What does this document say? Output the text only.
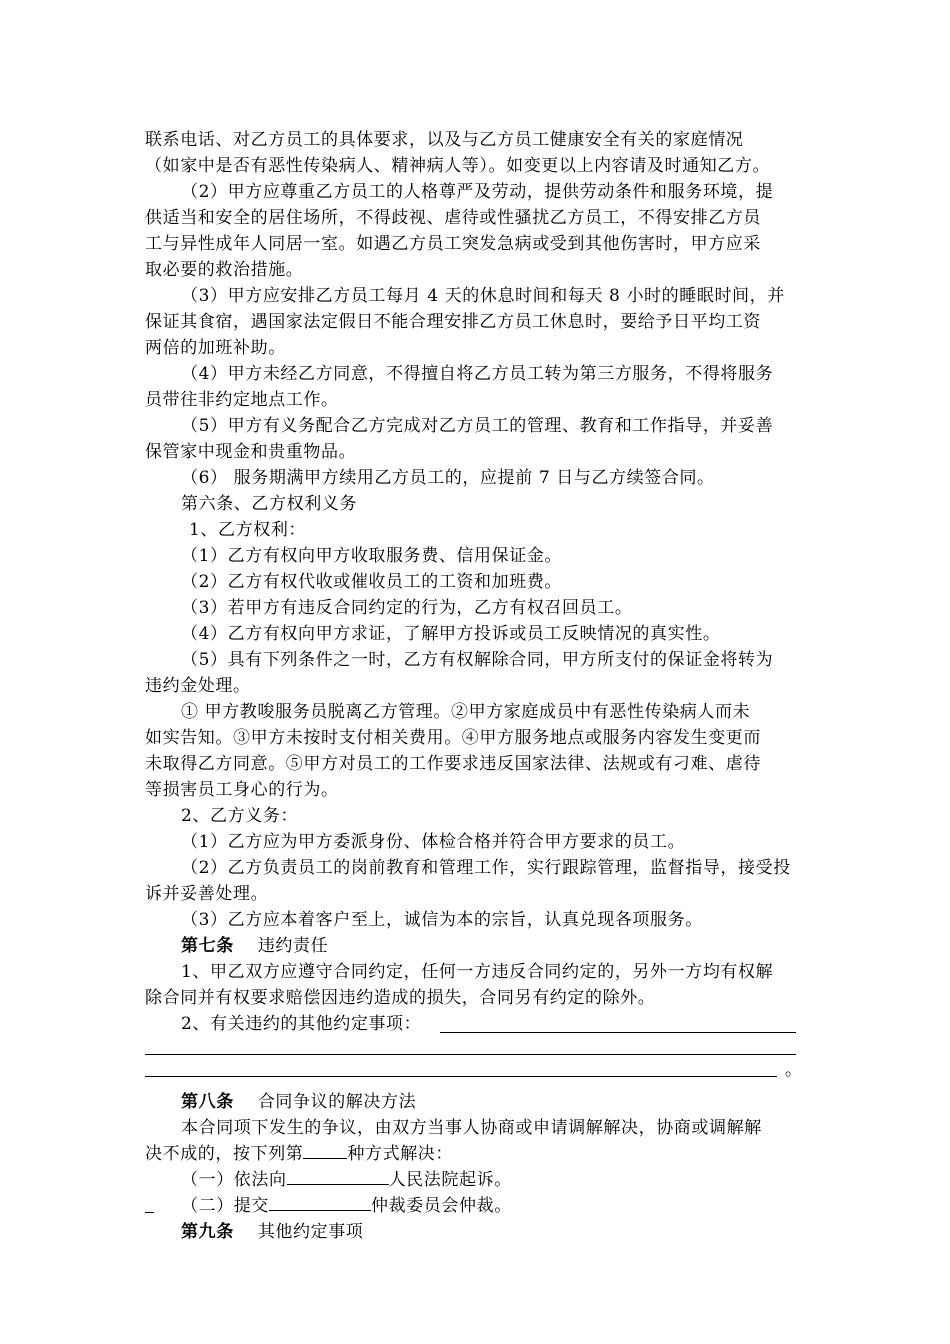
联系电话、对乙方员工的具体要求，以及与乙方员工健康安全有关的家庭情况
（如家中是否有恶性传染病人、精神病人等）。如变更以上内容请及时通知乙方。
（2）甲方应尊重乙方员工的人格尊严及劳动，提供劳动条件和服务环境，提
供适当和安全的居住场所，不得歧视、虐待或性骚扰乙方员工，不得安排乙方员
工与异性成年人同居一室。如遇乙方员工突发急病或受到其他伤害时，甲方应采
取必要的救治措施。
（3）甲方应安排乙方员工每月 4 天的休息时间和每天 8 小时的睡眠时间，并
保证其食宿，遇国家法定假日不能合理安排乙方员工休息时，要给予日平均工资
两倍的加班补助。
（4）甲方未经乙方同意，不得擅自将乙方员工转为第三方服务，不得将服务
员带往非约定地点工作。
（5）甲方有义务配合乙方完成对乙方员工的管理、教育和工作指导，并妥善
保管家中现金和贵重物品。
（6） 服务期满甲方续用乙方员工的，应提前 7 日与乙方续签合同。
第六条、乙方权利义务
1、乙方权利：
（1）乙方有权向甲方收取服务费、信用保证金。
（2）乙方有权代收或催收员工的工资和加班费。
（3）若甲方有违反合同约定的行为，乙方有权召回员工。
（4）乙方有权向甲方求证，了解甲方投诉或员工反映情况的真实性。
（5）具有下列条件之一时，乙方有权解除合同，甲方所支付的保证金将转为
违约金处理。
① 甲方教唆服务员脱离乙方管理。②甲方家庭成员中有恶性传染病人而未
如实告知。③甲方未按时支付相关费用。④甲方服务地点或服务内容发生变更而
未取得乙方同意。⑤甲方对员工的工作要求违反国家法律、法规或有刁难、虐待
等损害员工身心的行为。
2、乙方义务：
（1）乙方应为甲方委派身份、体检合格并符合甲方要求的员工。
（2）乙方负责员工的岗前教育和管理工作，实行跟踪管理，监督指导，接受投
诉并妥善处理。
（3）乙方应本着客户至上，诚信为本的宗旨，认真兑现各项服务。
第七条 违约责任
1、甲乙双方应遵守合同约定，任何一方违反合同约定的，另外一方均有权解
除合同并有权要求赔偿因违约造成的损失，合同另有约定的除外。
2、有关违约的其他约定事项：
。
第八条 合同争议的解决方法
本合同项下发生的争议，由双方当事人协商或申请调解解决，协商或调解解
决不成的，按下列第	种方式解决：
（一）依法向	人民法院起诉。
（二）提交	仲裁委员会仲裁。
第九条 其他约定事项
